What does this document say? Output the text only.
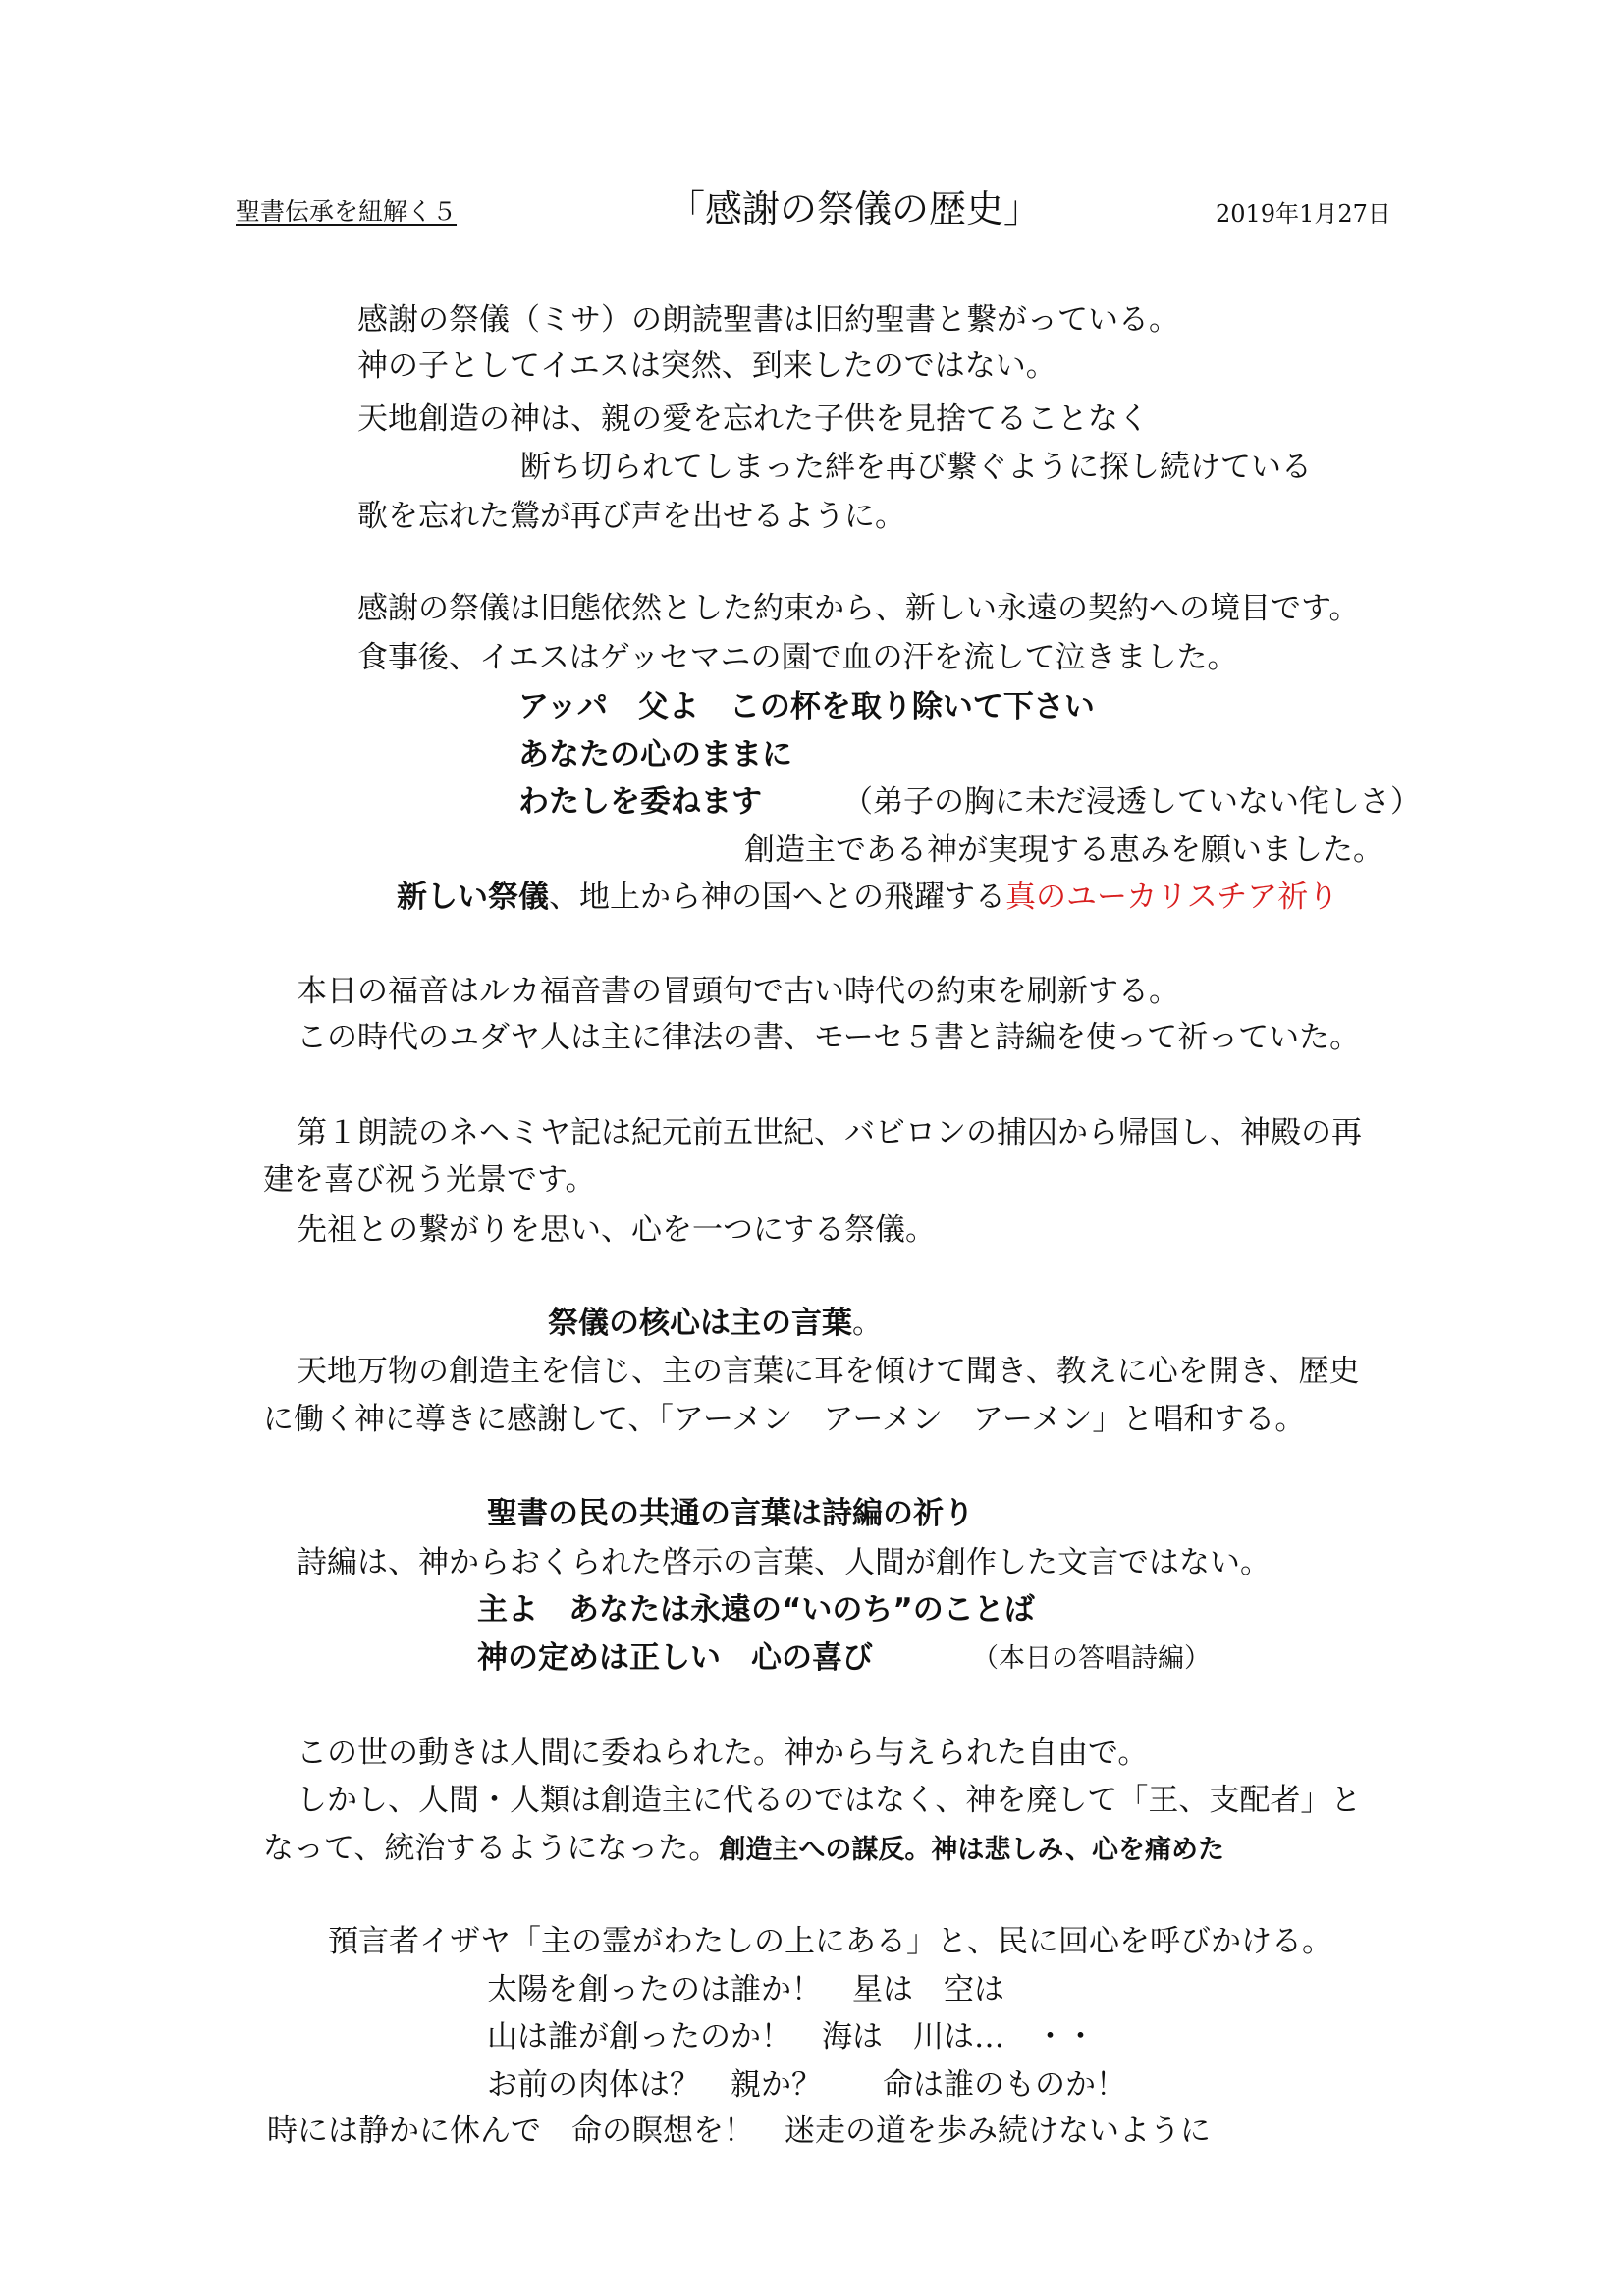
聖書伝承を紐解く５	「感謝の祭儀の歴史」	2019年1月27日
感謝の祭儀（ミサ）の朗読聖書は旧約聖書と繋がっている。
神の子としてイエスは突然、到来したのではない。
天地創造の神は、親の愛を忘れた子供を見捨てることなく
断ち切られてしまった絆を再び繋ぐように探し続けている
歌を忘れた鶯が再び声を出せるように。
感謝の祭儀は旧態依然とした約束から、新しい永遠の契約への境目です。
食事後、イエスはゲッセマニの園で血の汗を流して泣きました。
アッパ　父よ　この杯を取り除いて下さい
あなたの心のままに
わたしを委ねます	（弟子の胸に未だ浸透していない侘しさ）
創造主である神が実現する恵みを願いました。
新しい祭儀、地上から神の国へとの飛躍する真のユーカリスチア祈り
本日の福音はルカ福音書の冒頭句で古い時代の約束を刷新する。
この時代のユダヤ人は主に律法の書、モーセ５書と詩編を使って祈っていた。
第１朗読のネヘミヤ記は紀元前五世紀、バビロンの捕囚から帰国し、神殿の再
建を喜び祝う光景です。
先祖との繋がりを思い、心を一つにする祭儀。
祭儀の核心は主の言葉。
天地万物の創造主を信じ、主の言葉に耳を傾けて聞き、教えに心を開き、歴史
に働く神に導きに感謝して、「アーメン　アーメン　アーメン」と唱和する。
聖書の民の共通の言葉は詩編の祈り
詩編は、神からおくられた啓示の言葉、人間が創作した文言ではない。
主よ　あなたは永遠の“いのち”のことば
神の定めは正しい　心の喜び	（本日の答唱詩編）
この世の動きは人間に委ねられた。神から与えられた自由で。
しかし、人間・人類は創造主に代るのではなく、神を廃して「王、支配者」と
なって、統治するようになった。創造主への謀反。神は悲しみ、心を痛めた
預言者イザヤ「主の霊がわたしの上にある」と、民に回心を呼びかける。
太陽を創ったのは誰か！　星は　空は
山は誰が創ったのか！　海は　川は…　・・
お前の肉体は？　親か？　　命は誰のものか！
時には静かに休んで　命の瞑想を！　迷走の道を歩み続けないように
